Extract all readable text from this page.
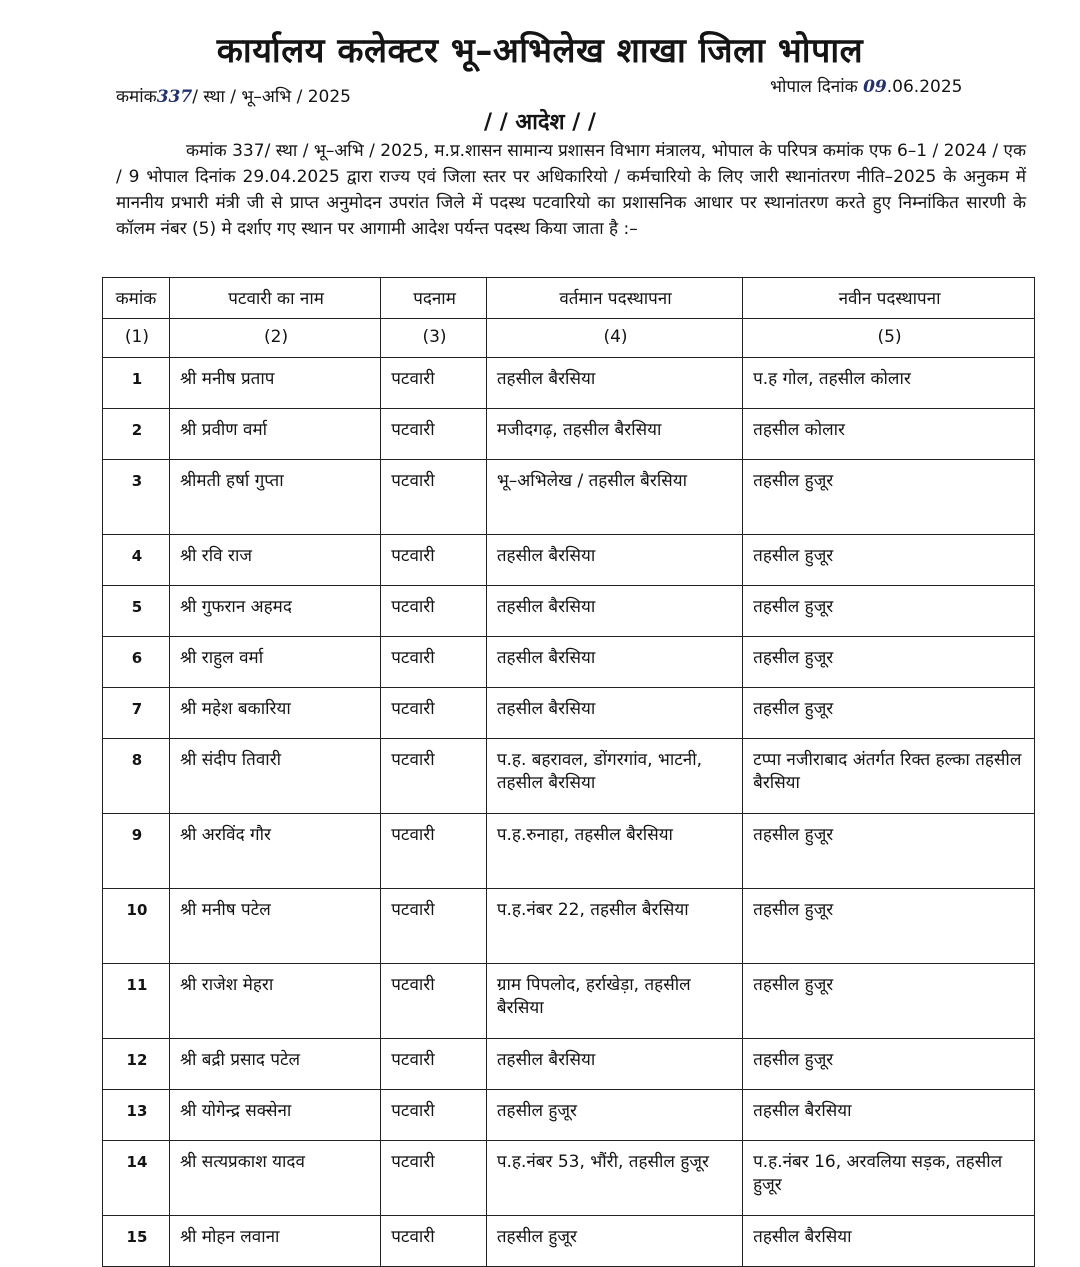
कार्यालय कलेक्टर भू–अभिलेख शाखा जिला भोपाल
कमांक337/ स्था / भू–अभि / 2025	भोपाल दिनांक 09.06.2025
/ / आदेश / /
कमांक 337/ स्था / भू–अभि / 2025, म.प्र.शासन सामान्य प्रशासन विभाग मंत्रालय, भोपाल के परिपत्र कमांक एफ 6–1 / 2024 / एक / 9 भोपाल दिनांक 29.04.2025 द्वारा राज्य एवं जिला स्तर पर अधिकारियो / कर्मचारियो के लिए जारी स्थानांतरण नीति–2025 के अनुकम में माननीय प्रभारी मंत्री जी से प्राप्त अनुमोदन उपरांत जिले में पदस्थ पटवारियो का प्रशासनिक आधार पर स्थानांतरण करते हुए निम्नांकित सारणी के कॉलम नंबर (5) मे दर्शाए गए स्थान पर आगामी आदेश पर्यन्त पदस्थ किया जाता है :–
कमांक	पटवारी का नाम	पदनाम	वर्तमान पदस्थापना	नवीन पदस्थापना
(1)	(2)	(3)	(4)	(5)
1	श्री मनीष प्रताप	पटवारी	तहसील बैरसिया	प.ह गोल, तहसील कोलार
2	श्री प्रवीण वर्मा	पटवारी	मजीदगढ़, तहसील बैरसिया	तहसील कोलार
3	श्रीमती हर्षा गुप्ता	पटवारी	भू–अभिलेख / तहसील बैरसिया	तहसील हुजूर
4	श्री रवि राज	पटवारी	तहसील बैरसिया	तहसील हुजूर
5	श्री गुफरान अहमद	पटवारी	तहसील बैरसिया	तहसील हुजूर
6	श्री राहुल वर्मा	पटवारी	तहसील बैरसिया	तहसील हुजूर
7	श्री महेश बकारिया	पटवारी	तहसील बैरसिया	तहसील हुजूर
8	श्री संदीप तिवारी	पटवारी	प.ह. बहरावल, डोंगरगांव, भाटनी, तहसील बैरसिया	टप्पा नजीराबाद अंतर्गत रिक्त हल्का तहसील बैरसिया
9	श्री अरविंद गौर	पटवारी	प.ह.रुनाहा, तहसील बैरसिया	तहसील हुजूर
10	श्री मनीष पटेल	पटवारी	प.ह.नंबर 22, तहसील बैरसिया	तहसील हुजूर
11	श्री राजेश मेहरा	पटवारी	ग्राम पिपलोद, हर्राखेड़ा, तहसील बैरसिया	तहसील हुजूर
12	श्री बद्री प्रसाद पटेल	पटवारी	तहसील बैरसिया	तहसील हुजूर
13	श्री योगेन्द्र सक्सेना	पटवारी	तहसील हुजूर	तहसील बैरसिया
14	श्री सत्यप्रकाश यादव	पटवारी	प.ह.नंबर 53, भौंरी, तहसील हुजूर	प.ह.नंबर 16, अरवलिया सड़क, तहसील हुजूर
15	श्री मोहन लवाना	पटवारी	तहसील हुजूर	तहसील बैरसिया
